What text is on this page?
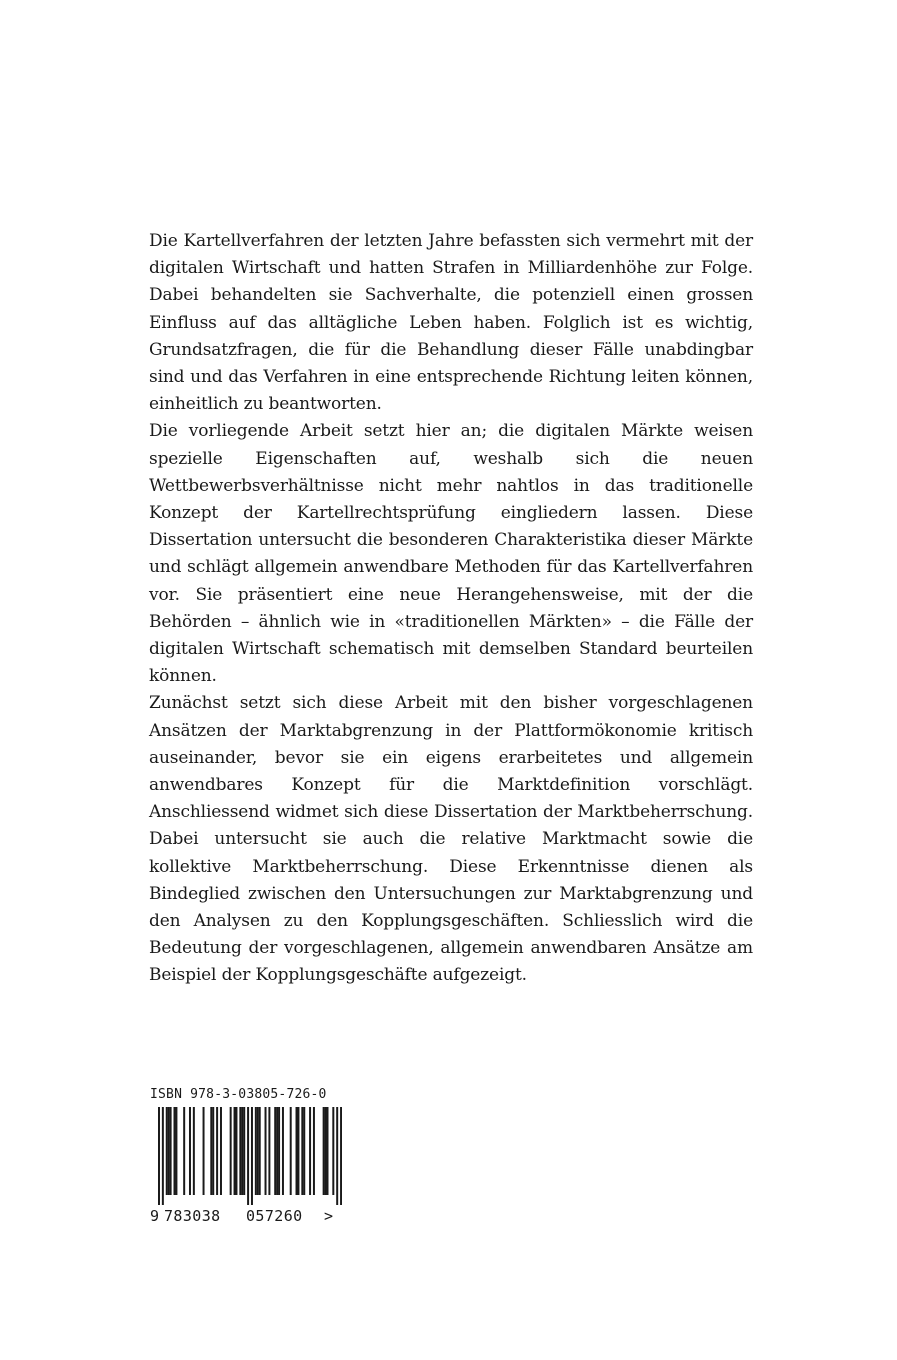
Die Kartellverfahren der letzten Jahre befassten sich vermehrt mit der digitalen Wirtschaft und hatten Strafen in Milliardenhöhe zur Folge. Dabei behandelten sie Sachverhalte, die potenziell einen grossen Einfluss auf das alltägliche Leben haben. Folglich ist es wichtig, Grundsatzfragen, die für die Behandlung dieser Fälle unabdingbar sind und das Verfahren in eine entsprechende Richtung leiten können, einheitlich zu beantworten.

Die vorliegende Arbeit setzt hier an; die digitalen Märkte weisen spezielle Eigenschaften auf, weshalb sich die neuen Wettbewerbsverhältnisse nicht mehr nahtlos in das traditionelle Konzept der Kartellrechtsprüfung eingliedern lassen. Diese Dissertation untersucht die besonderen Charakteristika dieser Märkte und schlägt allgemein anwendbare Methoden für das Kartellverfahren vor. Sie präsentiert eine neue Herangehensweise, mit der die Behörden – ähnlich wie in «traditionellen Märkten» – die Fälle der digitalen Wirtschaft schematisch mit demselben Standard beurteilen können.

Zunächst setzt sich diese Arbeit mit den bisher vorgeschlagenen Ansätzen der Marktabgrenzung in der Plattformökonomie kritisch auseinander, bevor sie ein eigens erarbeitetes und allgemein anwendbares Konzept für die Marktdefinition vorschlägt. Anschliessend widmet sich diese Dissertation der Marktbeherrschung. Dabei untersucht sie auch die relative Marktmacht sowie die kollektive Marktbeherrschung. Diese Erkenntnisse dienen als Bindeglied zwischen den Untersuchungen zur Marktabgrenzung und den Analysen zu den Kopplungsgeschäften. Schliesslich wird die Bedeutung der vorgeschlagenen, allgemein anwendbaren Ansätze am Beispiel der Kopplungsgeschäfte aufgezeigt.

ISBN 978-3-03805-726-0
9 783038 057260 >
